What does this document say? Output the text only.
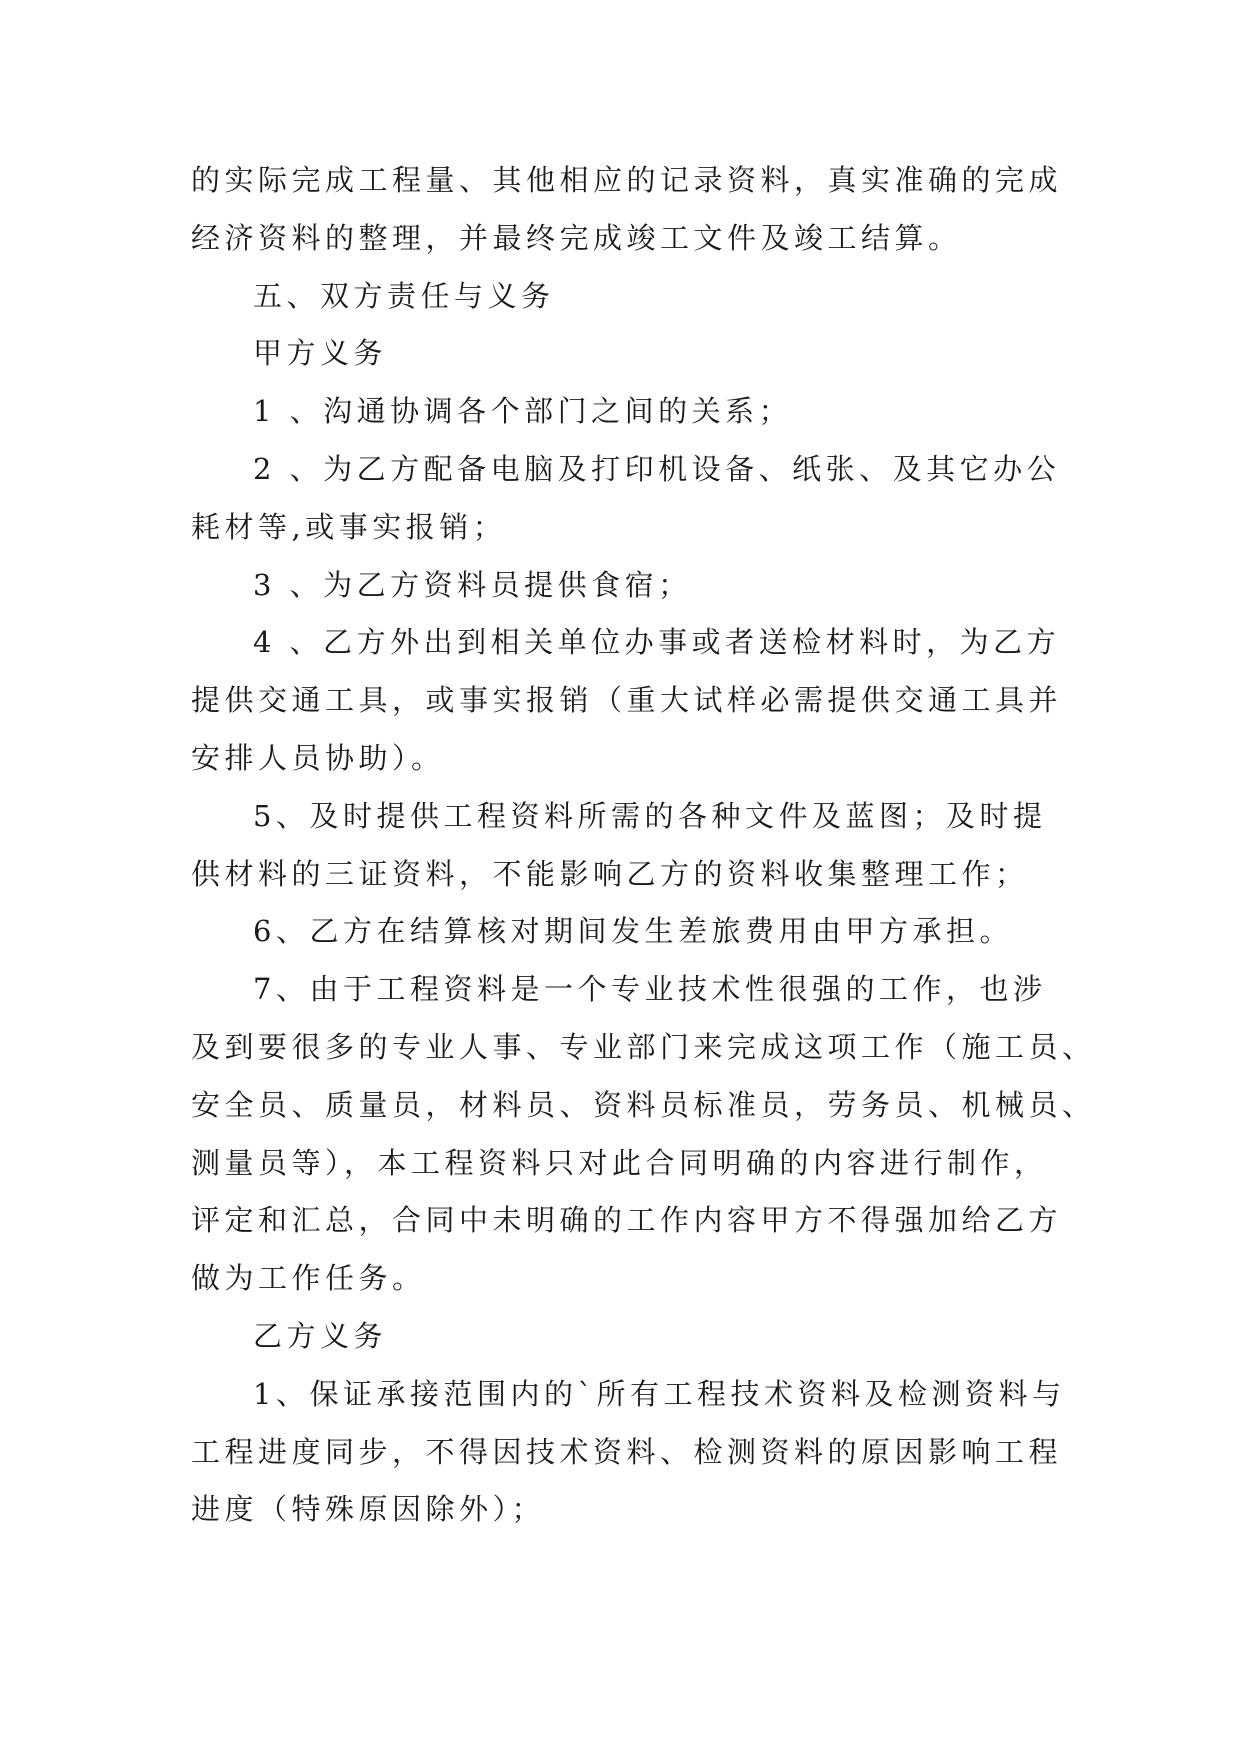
的实际完成工程量、其他相应的记录资料，真实准确的完成
经济资料的整理，并最终完成竣工文件及竣工结算。
五、双方责任与义务
甲方义务
1 、沟通协调各个部门之间的关系；
2 、为乙方配备电脑及打印机设备、纸张、及其它办公
耗材等,或事实报销；
3 、为乙方资料员提供食宿；
4 、乙方外出到相关单位办事或者送检材料时，为乙方
提供交通工具，或事实报销（重大试样必需提供交通工具并
安排人员协助）。
5、及时提供工程资料所需的各种文件及蓝图；及时提
供材料的三证资料，不能影响乙方的资料收集整理工作；
6、乙方在结算核对期间发生差旅费用由甲方承担。
7、由于工程资料是一个专业技术性很强的工作，也涉
及到要很多的专业人事、专业部门来完成这项工作（施工员、
安全员、质量员，材料员、资料员标准员，劳务员、机械员、
测量员等），本工程资料只对此合同明确的内容进行制作，
评定和汇总，合同中未明确的工作内容甲方不得强加给乙方
做为工作任务。
乙方义务
1、保证承接范围内的`所有工程技术资料及检测资料与
工程进度同步，不得因技术资料、检测资料的原因影响工程
进度（特殊原因除外）；
